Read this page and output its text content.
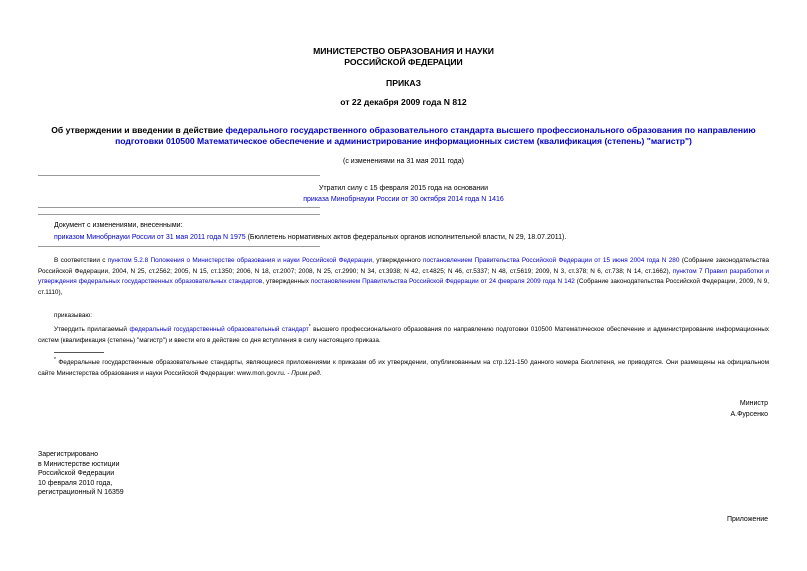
МИНИСТЕРСТВО ОБРАЗОВАНИЯ И НАУКИ
РОССИЙСКОЙ ФЕДЕРАЦИИ
ПРИКАЗ
от 22 декабря 2009 года N 812
Об утверждении и введении в действие федерального государственного образовательного стандарта высшего профессионального образования по направлению
подготовки 010500 Математическое обеспечение и администрирование информационных систем (квалификация (степень) "магистр")
(с изменениями на 31 мая 2011 года)
Утратил силу с 15 февраля 2015 года на основании
приказа Минобрнауки России от 30 октября 2014 года N 1416
Документ с изменениями, внесенными:
приказом Минобрнауки России от 31 мая 2011 года N 1975 (Бюллетень нормативных актов федеральных органов исполнительной власти, N 29, 18.07.2011).
В соответствии с пунктом 5.2.8 Положения о Министерстве образования и науки Российской Федерации, утвержденного постановлением Правительства Российской Федерации от 15 июня 2004 года N 280 (Собрание законодательства Российской Федерации, 2004, N 25, ст.2562; 2005, N 15, ст.1350; 2006, N 18, ст.2007; 2008, N 25, ст.2990; N 34, ст.3938; N 42, ст.4825; N 46, ст.5337; N 48, ст.5619; 2009, N 3, ст.378; N 6, ст.738; N 14, ст.1662), пунктом 7 Правил разработки и утверждения федеральных государственных образовательных стандартов, утвержденных постановлением Правительства Российской Федерации от 24 февраля 2009 года N 142 (Собрание законодательства Российской Федерации, 2009, N 9, ст.1110),
приказываю:
Утвердить прилагаемый федеральный государственный образовательный стандарт* высшего профессионального образования по направлению подготовки 010500 Математическое обеспечение и администрирование информационных систем (квалификация (степень) "магистр") и ввести его в действие со дня вступления в силу настоящего приказа.
* Федеральные государственные образовательные стандарты, являющиеся приложениями к приказам об их утверждении, опубликованным на стр.121-150 данного номера Бюллетеня, не приводятся. Они размещены на официальном сайте Министерства образования и науки Российской Федерации: www.mon.gov.ru. - Прим.ред.
Министр
А.Фурсенко
Зарегистрировано
в Министерстве юстиции
Российской Федерации
10 февраля 2010 года,
регистрационный N 16359
Приложение
